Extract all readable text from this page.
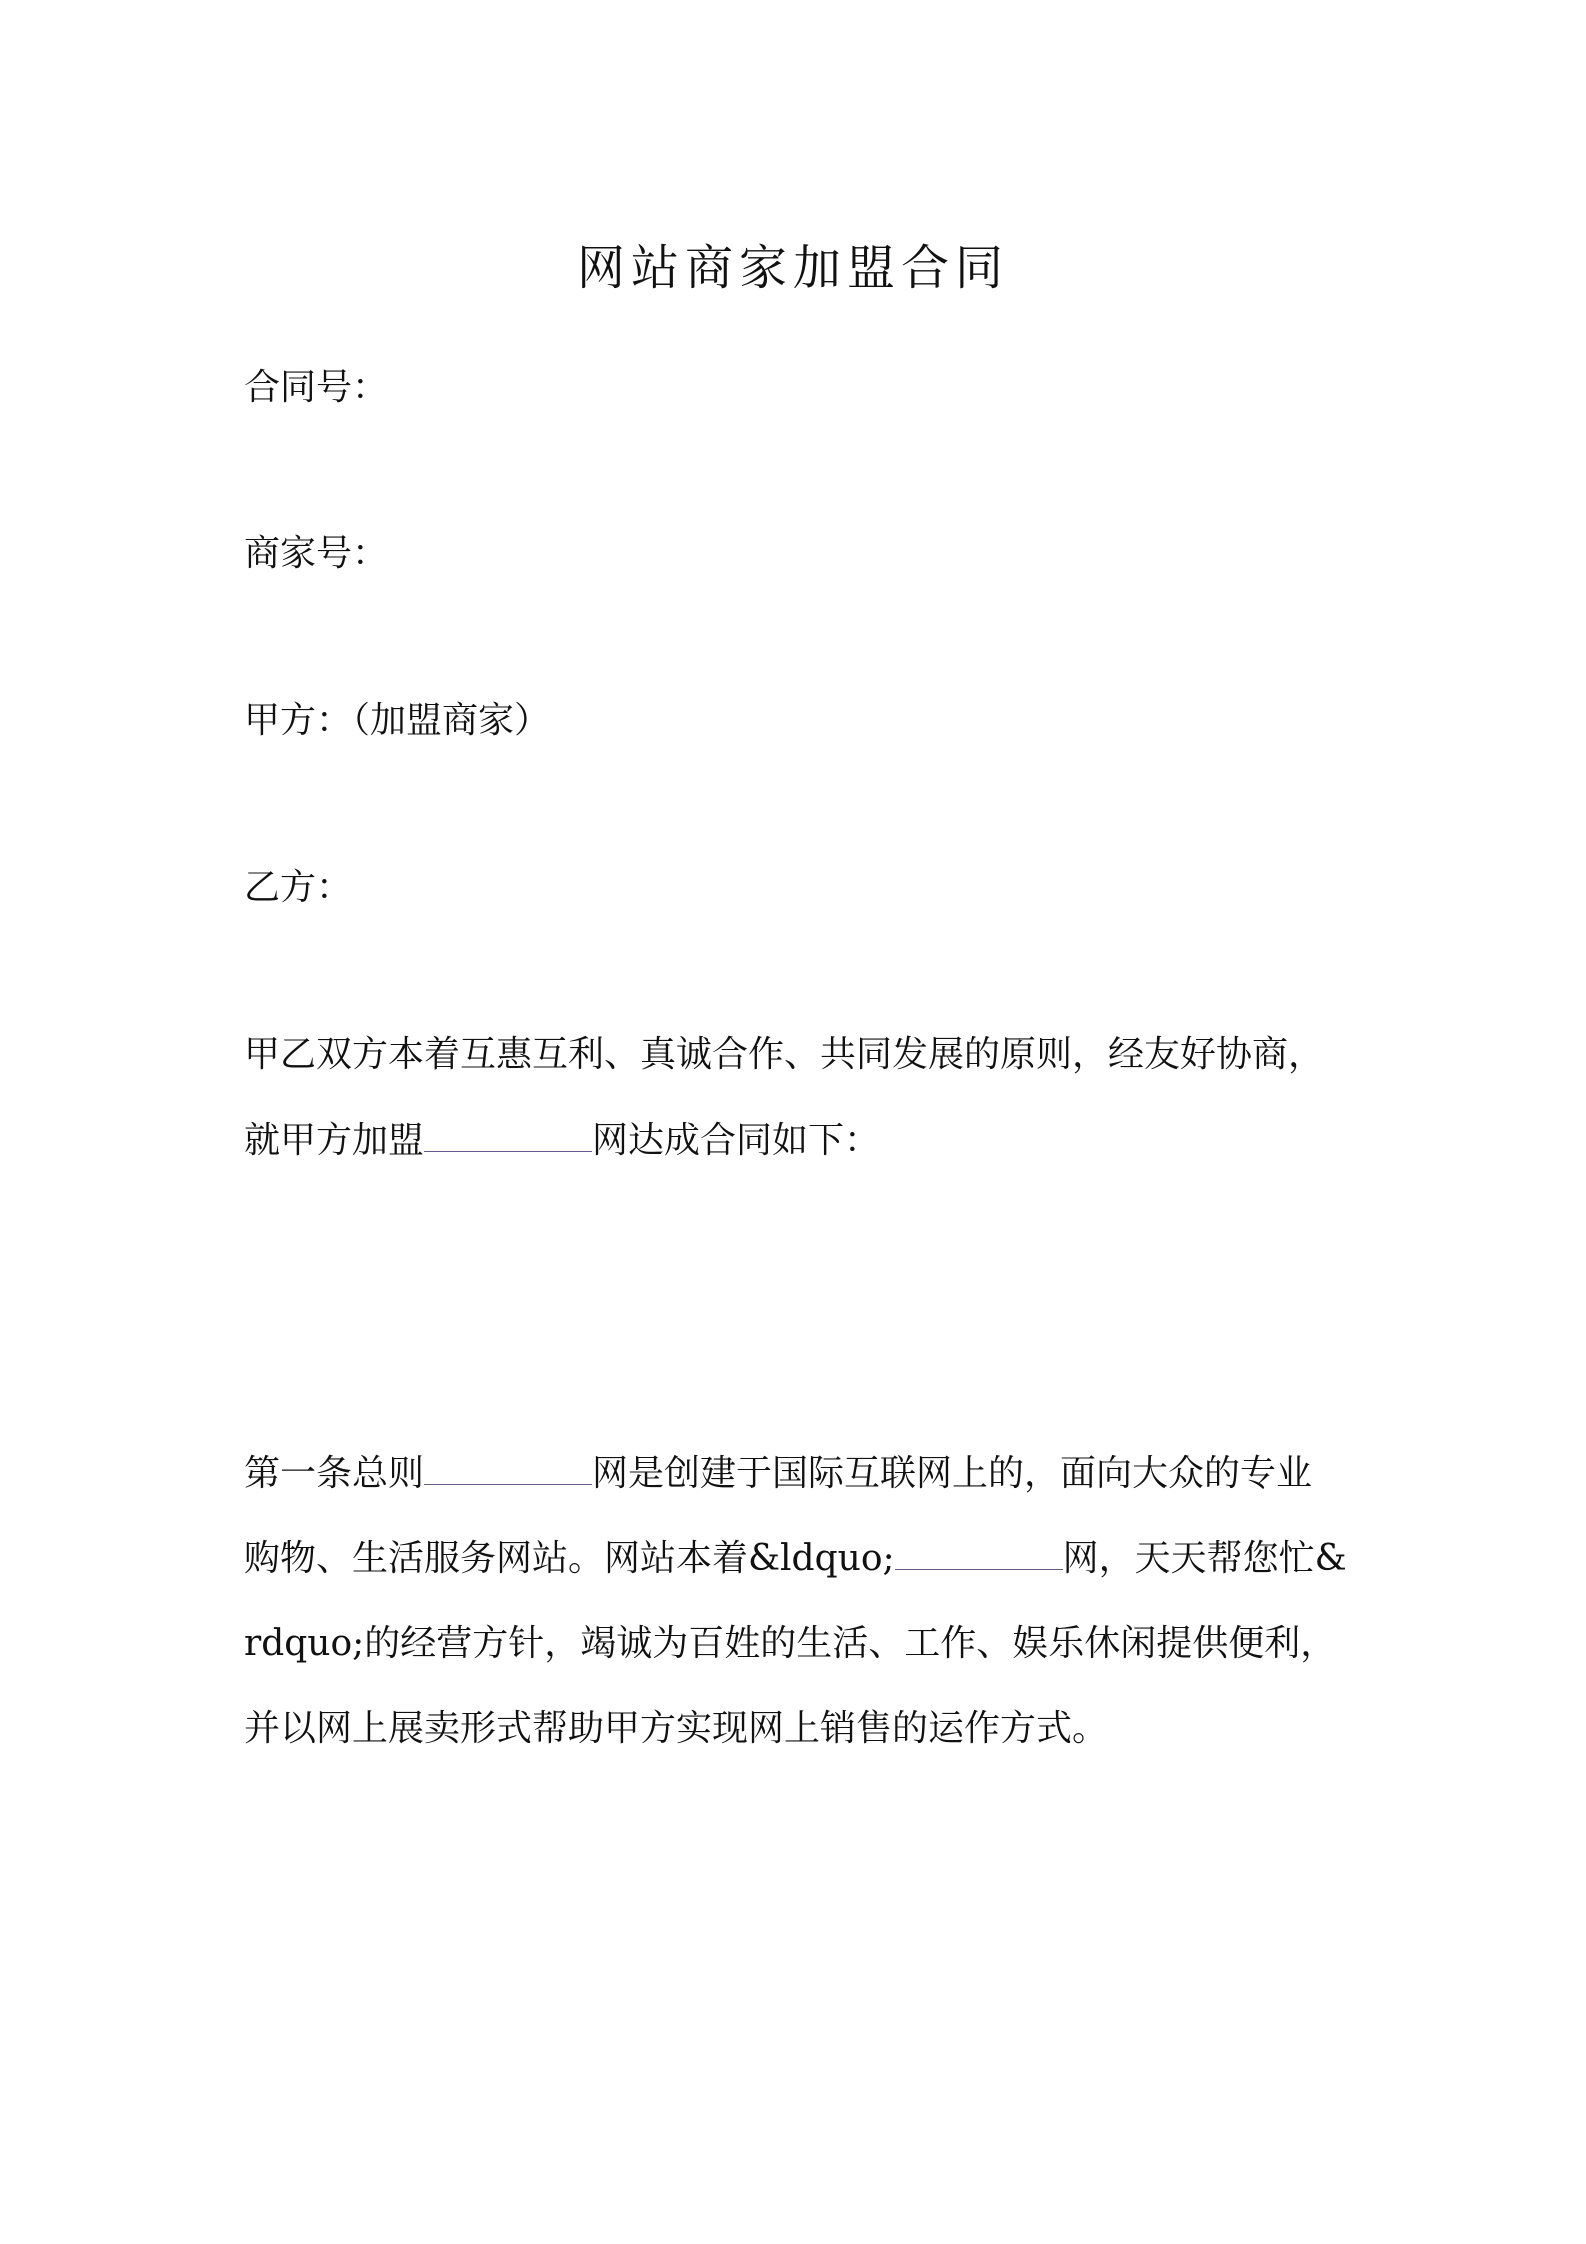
网站商家加盟合同
合同号：
商家号：
甲方：（加盟商家）
乙方：
甲乙双方本着互惠互利、真诚合作、共同发展的原则，经友好协商，
就甲方加盟	网达成合同如下：
第一条总则	网是创建于国际互联网上的，面向大众的专业
购物、生活服务网站。网站本着&ldquo;	网，天天帮您忙&
rdquo;的经营方针，竭诚为百姓的生活、工作、娱乐休闲提供便利，
并以网上展卖形式帮助甲方实现网上销售的运作方式。
